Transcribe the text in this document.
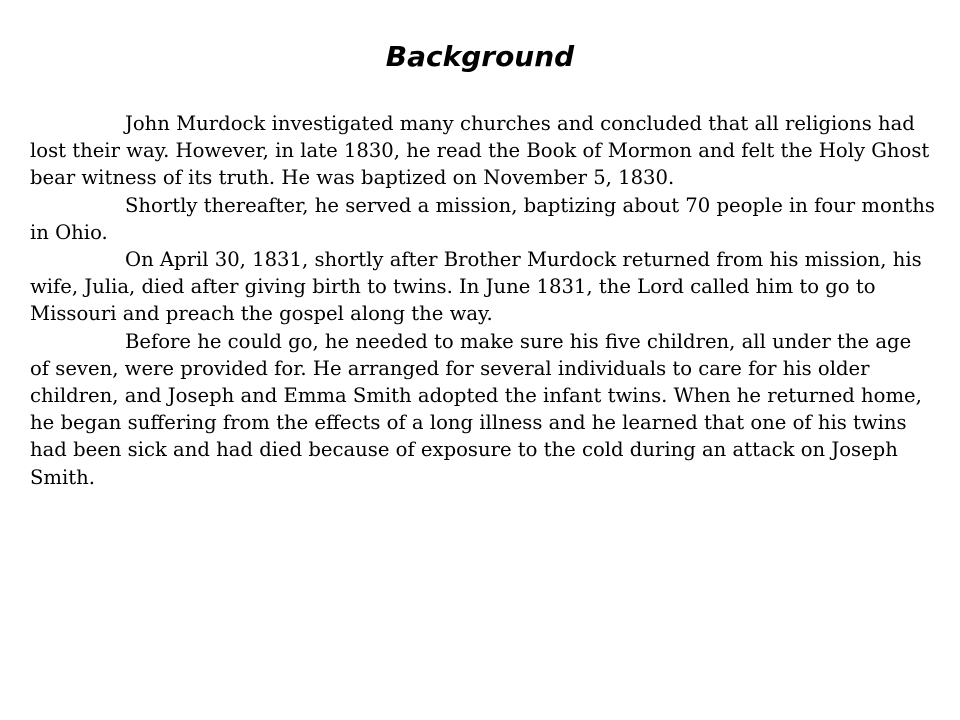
Background

John Murdock investigated many churches and concluded that all religions had lost their way. However, in late 1830, he read the Book of Mormon and felt the Holy Ghost bear witness of its truth. He was baptized on November 5, 1830.

Shortly thereafter, he served a mission, baptizing about 70 people in four months in Ohio.

On April 30, 1831, shortly after Brother Murdock returned from his mission, his wife, Julia, died after giving birth to twins. In June 1831, the Lord called him to go to Missouri and preach the gospel along the way.

Before he could go, he needed to make sure his five children, all under the age of seven, were provided for. He arranged for several individuals to care for his older children, and Joseph and Emma Smith adopted the infant twins. When he returned home, he began suffering from the effects of a long illness and he learned that one of his twins had been sick and had died because of exposure to the cold during an attack on Joseph Smith.
